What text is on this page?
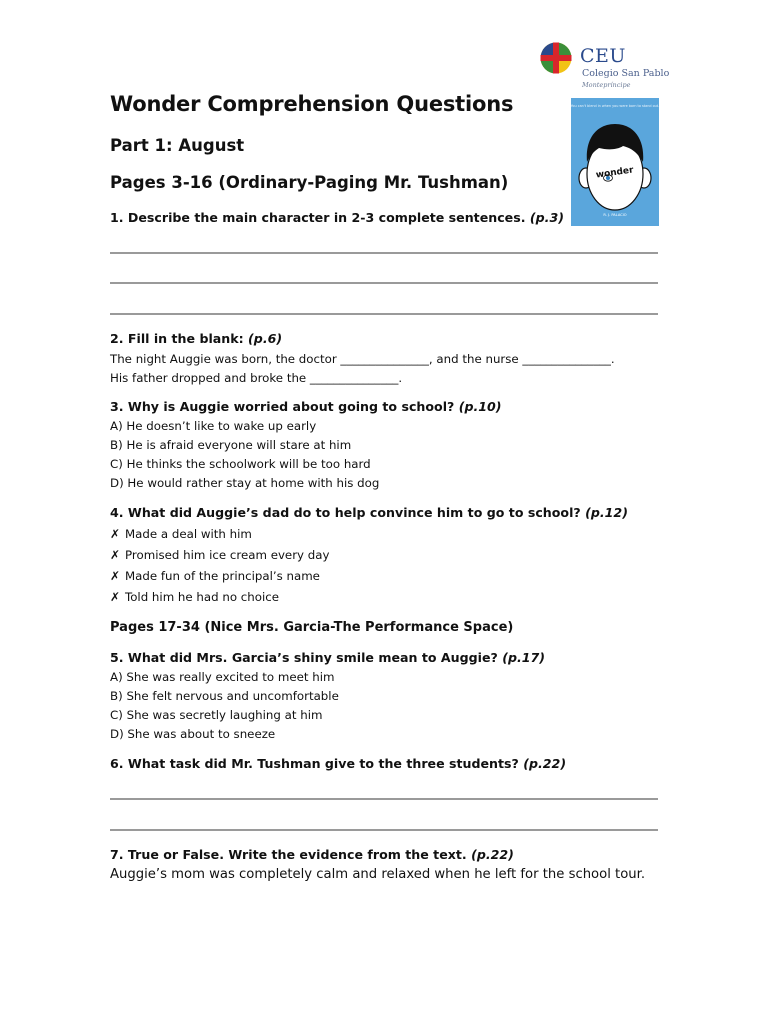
CEU
Colegio San Pablo
Montepríncipe
You can't blend in when you were born to stand out.
wonder
R. J. PALACIO
Wonder Comprehension Questions
Part 1: August
Pages 3-16 (Ordinary-Paging Mr. Tushman)
1. Describe the main character in 2-3 complete sentences. (p.3)
2. Fill in the blank: (p.6)
The night Auggie was born, the doctor _______________, and the nurse _______________.
His father dropped and broke the _______________.
3. Why is Auggie worried about going to school? (p.10)
A) He doesn’t like to wake up early
B) He is afraid everyone will stare at him
C) He thinks the schoolwork will be too hard
D) He would rather stay at home with his dog
4. What did Auggie’s dad do to help convince him to go to school? (p.12)
✗ Made a deal with him
✗ Promised him ice cream every day
✗ Made fun of the principal’s name
✗ Told him he had no choice
Pages 17-34 (Nice Mrs. Garcia-The Performance Space)
5. What did Mrs. Garcia’s shiny smile mean to Auggie? (p.17)
A) She was really excited to meet him
B) She felt nervous and uncomfortable
C) She was secretly laughing at him
D) She was about to sneeze
6. What task did Mr. Tushman give to the three students? (p.22)
7. True or False. Write the evidence from the text. (p.22)
Auggie’s mom was completely calm and relaxed when he left for the school tour.
